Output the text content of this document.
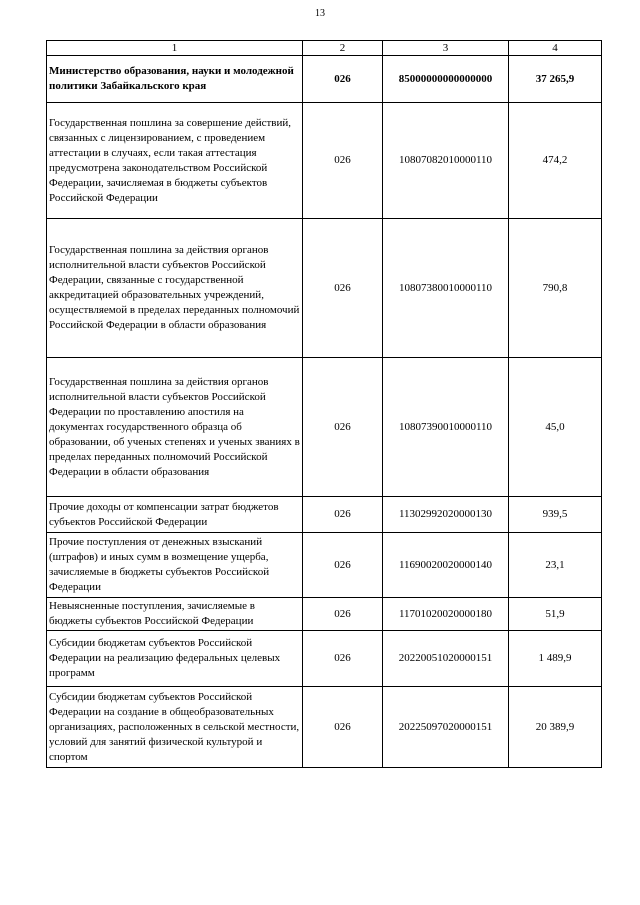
13
1	2	3	4
Министерство образования, науки и молодежной политики Забайкальского края	026	85000000000000000	37 265,9
Государственная пошлина за совершение действий, связанных с лицензированием, с проведением аттестации в случаях, если такая аттестация предусмотрена законодательством Российской Федерации, зачисляемая в бюджеты субъектов Российской Федерации	026	10807082010000110	474,2
Государственная пошлина за действия органов исполнительной власти субъектов Российской Федерации, связанные с государственной аккредитацией образовательных учреждений, осуществляемой в пределах переданных полномочий Российской Федерации в области образования	026	10807380010000110	790,8
Государственная пошлина за действия органов исполнительной власти субъектов Российской Федерации по проставлению апостиля на документах государственного образца об образовании, об ученых степенях и ученых званиях в пределах переданных полномочий Российской Федерации в области образования	026	10807390010000110	45,0
Прочие доходы от компенсации затрат бюджетов субъектов Российской Федерации	026	11302992020000130	939,5
Прочие поступления от денежных взысканий (штрафов) и иных сумм в возмещение ущерба, зачисляемые в бюджеты субъектов Российской Федерации	026	11690020020000140	23,1
Невыясненные поступления, зачисляемые в бюджеты субъектов Российской Федерации	026	11701020020000180	51,9
Субсидии бюджетам субъектов Российской Федерации на реализацию федеральных целевых программ	026	20220051020000151	1 489,9
Субсидии бюджетам субъектов Российской Федерации на создание в общеобразовательных организациях, расположенных в сельской местности, условий для занятий физической культурой и спортом	026	20225097020000151	20 389,9
